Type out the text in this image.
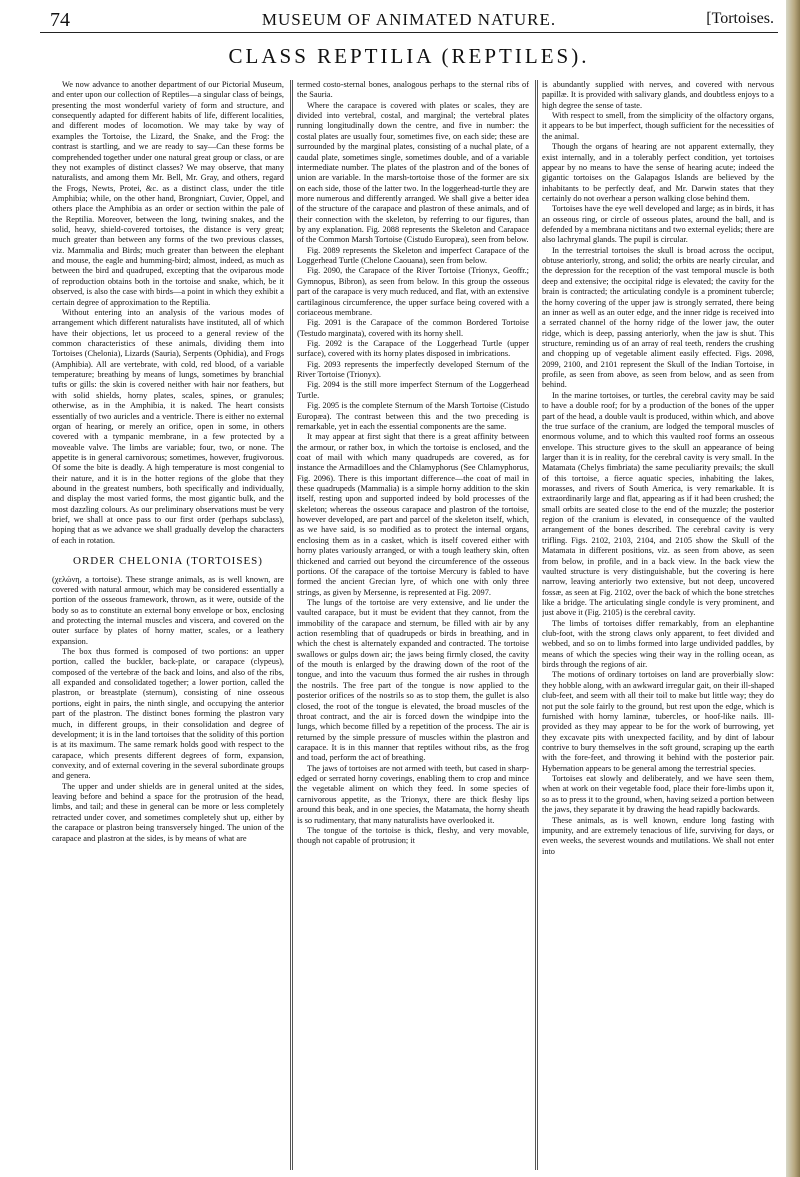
74	MUSEUM OF ANIMATED NATURE.	[Tortoises.
CLASS REPTILIA (REPTILES).

We now advance to another department of our Pictorial Museum, and enter upon our collection of Reptiles—a singular class of beings, presenting the most wonderful variety of form and structure, and consequently adapted for different habits of life, different localities, and different modes of locomotion. We may take by way of examples the Tortoise, the Lizard, the Snake, and the Frog: the contrast is startling, and we are ready to say—Can these forms be comprehended together under one natural great group or class, or are they not examples of distinct classes? We may observe, that many naturalists, and among them Mr. Bell, Mr. Gray, and others, regard the Frogs, Newts, Protei, &c. as a distinct class, under the title Amphibia; while, on the other hand, Brongniart, Cuvier, Oppel, and others place the Amphibia as an order or section within the pale of the Reptilia. Moreover, between the long, twining snakes, and the solid, heavy, shield-covered tortoises, the distance is very great; much greater than between any forms of the two previous classes, viz. Mammalia and Birds; much greater than between the elephant and mouse, the eagle and humming-bird; almost, indeed, as much as between the bird and quadruped, excepting that the oviparous mode of reproduction obtains both in the tortoise and snake, which, be it observed, is also the case with birds—a point in which they exhibit a certain degree of approximation to the Reptilia.

Without entering into an analysis of the various modes of arrangement which different naturalists have instituted, all of which have their objections, let us proceed to a general review of the common characteristics of these animals, dividing them into Tortoises (Chelonia), Lizards (Sauria), Serpents (Ophidia), and Frogs (Amphibia). All are vertebrate, with cold, red blood, of a variable temperature; breathing by means of lungs, sometimes by branchial tufts or gills: the skin is covered neither with hair nor feathers, but with solid shields, horny plates, scales, spines, or granules; otherwise, as in the Amphibia, it is naked. The heart consists essentially of two auricles and a ventricle. There is either no external organ of hearing, or merely an orifice, open in some, in others covered with a tympanic membrane, in a few protected by a moveable valve. The limbs are variable; four, two, or none. The appetite is in general carnivorous; sometimes, however, frugivorous. Of some the bite is deadly. A high temperature is most congenial to their nature, and it is in the hotter regions of the globe that they abound in the greatest numbers, both specifically and individually, and display the most varied forms, the most gigantic bulk, and the most dazzling colours. As our preliminary observations must be very brief, we shall at once pass to our first order (perhaps subclass), hoping that as we advance we shall gradually develop the characters of each in rotation.

ORDER CHELONIA (TORTOISES)

(χελώνη, a tortoise). These strange animals, as is well known, are covered with natural armour, which may be considered essentially a portion of the osseous framework, thrown, as it were, outside of the body so as to constitute an external bony envelope or box, enclosing and protecting the internal muscles and viscera, and covered on the outer surface by plates of horny matter, scales, or a leathery expansion.

The box thus formed is composed of two portions: an upper portion, called the buckler, back-plate, or carapace (clypeus), composed of the vertebræ of the back and loins, and also of the ribs, all expanded and consolidated together; a lower portion, called the plastron, or breastplate (sternum), consisting of nine osseous portions, eight in pairs, the ninth single, and occupying the anterior part of the plastron. The distinct bones forming the plastron vary much, in different groups, in their consolidation and degree of development; it is in the land tortoises that the solidity of this portion is at its maximum. The same remark holds good with respect to the carapace, which presents different degrees of form, expansion, convexity, and of external covering in the several subordinate groups and genera.

The upper and under shields are in general united at the sides, leaving before and behind a space for the protrusion of the head, limbs, and tail; and these in general can be more or less completely retracted under cover, and sometimes completely shut up, either by the carapace or plastron being transversely hinged. The union of the carapace and plastron at the sides, is by means of what are

termed costo-sternal bones, analogous perhaps to the sternal ribs of the Sauria.

Where the carapace is covered with plates or scales, they are divided into vertebral, costal, and marginal; the vertebral plates running longitudinally down the centre, and five in number: the costal plates are usually four, sometimes five, on each side; these are surrounded by the marginal plates, consisting of a nuchal plate, of a caudal plate, sometimes single, sometimes double, and of a variable intermediate number. The plates of the plastron and of the bones of union are variable. In the marsh-tortoise those of the former are six on each side, those of the latter two. In the loggerhead-turtle they are more numerous and differently arranged. We shall give a better idea of the structure of the carapace and plastron of these animals, and of their connection with the skeleton, by referring to our figures, than by any explanation. Fig. 2088 represents the Skeleton and Carapace of the Common Marsh Tortoise (Cistudo Europæa), seen from below.

Fig. 2089 represents the Skeleton and imperfect Carapace of the Loggerhead Turtle (Chelone Caouana), seen from below.

Fig. 2090, the Carapace of the River Tortoise (Trionyx, Geoffr.; Gymnopus, Bibron), as seen from below. In this group the osseous part of the carapace is very much reduced, and flat, with an extensive cartilaginous circumference, the upper surface being covered with a coriaceous membrane.

Fig. 2091 is the Carapace of the common Bordered Tortoise (Testudo marginata), covered with its horny shell.

Fig. 2092 is the Carapace of the Loggerhead Turtle (upper surface), covered with its horny plates disposed in imbrications.

Fig. 2093 represents the imperfectly developed Sternum of the River Tortoise (Trionyx).

Fig. 2094 is the still more imperfect Sternum of the Loggerhead Turtle.

Fig. 2095 is the complete Sternum of the Marsh Tortoise (Cistudo Europæa). The contrast between this and the two preceding is remarkable, yet in each the essential components are the same.

It may appear at first sight that there is a great affinity between the armour, or rather box, in which the tortoise is enclosed, and the coat of mail with which many quadrupeds are covered, as for instance the Armadilloes and the Chlamyphorus (See Chlamyphorus, Fig. 2096). There is this important difference—the coat of mail in these quadrupeds (Mammalia) is a simple horny addition to the skin itself, resting upon and supported indeed by bold processes of the skeleton; whereas the osseous carapace and plastron of the tortoise, however developed, are part and parcel of the skeleton itself, which, as we have said, is so modified as to protect the internal organs, enclosing them as in a casket, which is itself covered either with horny plates variously arranged, or with a tough leathery skin, often thickened and carried out beyond the circumference of the osseous portions. Of the carapace of the tortoise Mercury is fabled to have formed the ancient Grecian lyre, of which one with only three strings, as given by Mersenne, is represented at Fig. 2097.

The lungs of the tortoise are very extensive, and lie under the vaulted carapace, but it must be evident that they cannot, from the immobility of the carapace and sternum, be filled with air by any action resembling that of quadrupeds or birds in breathing, and in which the chest is alternately expanded and contracted. The tortoise swallows or gulps down air; the jaws being firmly closed, the cavity of the mouth is enlarged by the drawing down of the root of the tongue, and into the vacuum thus formed the air rushes in through the nostrils. The free part of the tongue is now applied to the posterior orifices of the nostrils so as to stop them, the gullet is also closed, the root of the tongue is elevated, the broad muscles of the throat contract, and the air is forced down the windpipe into the lungs, which become filled by a repetition of the process. The air is returned by the simple pressure of muscles within the plastron and carapace. It is in this manner that reptiles without ribs, as the frog and toad, perform the act of breathing.

The jaws of tortoises are not armed with teeth, but cased in sharp-edged or serrated horny coverings, enabling them to crop and mince the vegetable aliment on which they feed. In some species of carnivorous appetite, as the Trionyx, there are thick fleshy lips around this beak, and in one species, the Matamata, the horny sheath is so rudimentary, that many naturalists have overlooked it.

The tongue of the tortoise is thick, fleshy, and very movable, though not capable of protrusion; it

is abundantly supplied with nerves, and covered with nervous papillæ. It is provided with salivary glands, and doubtless enjoys to a high degree the sense of taste.

With respect to smell, from the simplicity of the olfactory organs, it appears to be but imperfect, though sufficient for the necessities of the animal.

Though the organs of hearing are not apparent externally, they exist internally, and in a tolerably perfect condition, yet tortoises appear by no means to have the sense of hearing acute; indeed the gigantic tortoises on the Galapagos Islands are believed by the inhabitants to be perfectly deaf, and Mr. Darwin states that they certainly do not overhear a person walking close behind them.

Tortoises have the eye well developed and large; as in birds, it has an osseous ring, or circle of osseous plates, around the ball, and is defended by a membrana nictitans and two external eyelids; there are also lachrymal glands. The pupil is circular.

In the terrestrial tortoises the skull is broad across the occiput, obtuse anteriorly, strong, and solid; the orbits are nearly circular, and the depression for the reception of the vast temporal muscle is both deep and extensive; the occipital ridge is elevated; the cavity for the brain is contracted; the articulating condyle is a prominent tubercle; the horny covering of the upper jaw is strongly serrated, there being an inner as well as an outer edge, and the inner ridge is received into a serrated channel of the horny ridge of the lower jaw, the outer ridge, which is deep, passing anteriorly, when the jaw is shut. This structure, reminding us of an array of real teeth, renders the crushing and chopping up of vegetable aliment easily effected. Figs. 2098, 2099, 2100, and 2101 represent the Skull of the Indian Tortoise, in profile, as seen from above, as seen from below, and as seen from behind.

In the marine tortoises, or turtles, the cerebral cavity may be said to have a double roof; for by a production of the bones of the upper part of the head, a double vault is produced, within which, and above the true surface of the cranium, are lodged the temporal muscles of enormous volume, and to which this vaulted roof forms an osseous envelope. This structure gives to the skull an appearance of being larger than it is in reality, for the cerebral cavity is very small. In the Matamata (Chelys fimbriata) the same peculiarity prevails; the skull of this tortoise, a fierce aquatic species, inhabiting the lakes, morasses, and rivers of South America, is very remarkable. It is extraordinarily large and flat, appearing as if it had been crushed; the small orbits are seated close to the end of the muzzle; the posterior region of the cranium is elevated, in consequence of the vaulted arrangement of the bones described. The cerebral cavity is very trifling. Figs. 2102, 2103, 2104, and 2105 show the Skull of the Matamata in different positions, viz. as seen from above, as seen from below, in profile, and in a back view. In the back view the vaulted structure is very distinguishable, but the covering is here narrow, leaving anteriorly two extensive, but not deep, uncovered fossæ, as seen at Fig. 2102, over the back of which the bone stretches like a bridge. The articulating single condyle is very prominent, and just above it (Fig. 2105) is the cerebral cavity.

The limbs of tortoises differ remarkably, from an elephantine club-foot, with the strong claws only apparent, to feet divided and webbed, and so on to limbs formed into large undivided paddles, by means of which the species wing their way in the rolling ocean, as birds through the regions of air.

The motions of ordinary tortoises on land are proverbially slow: they hobble along, with an awkward irregular gait, on their ill-shaped club-feet, and seem with all their toil to make but little way; they do not put the sole fairly to the ground, but rest upon the edge, which is furnished with horny laminæ, tubercles, or hoof-like nails. Ill-provided as they may appear to be for the work of burrowing, yet they excavate pits with unexpected facility, and by dint of labour contrive to bury themselves in the soft ground, scraping up the earth with the fore-feet, and throwing it behind with the posterior pair. Hybernation appears to be general among the terrestrial species.

Tortoises eat slowly and deliberately, and we have seen them, when at work on their vegetable food, place their fore-limbs upon it, so as to press it to the ground, when, having seized a portion between the jaws, they separate it by drawing the head rapidly backwards.

These animals, as is well known, endure long fasting with impunity, and are extremely tenacious of life, surviving for days, or even weeks, the severest wounds and mutilations. We shall not enter into
